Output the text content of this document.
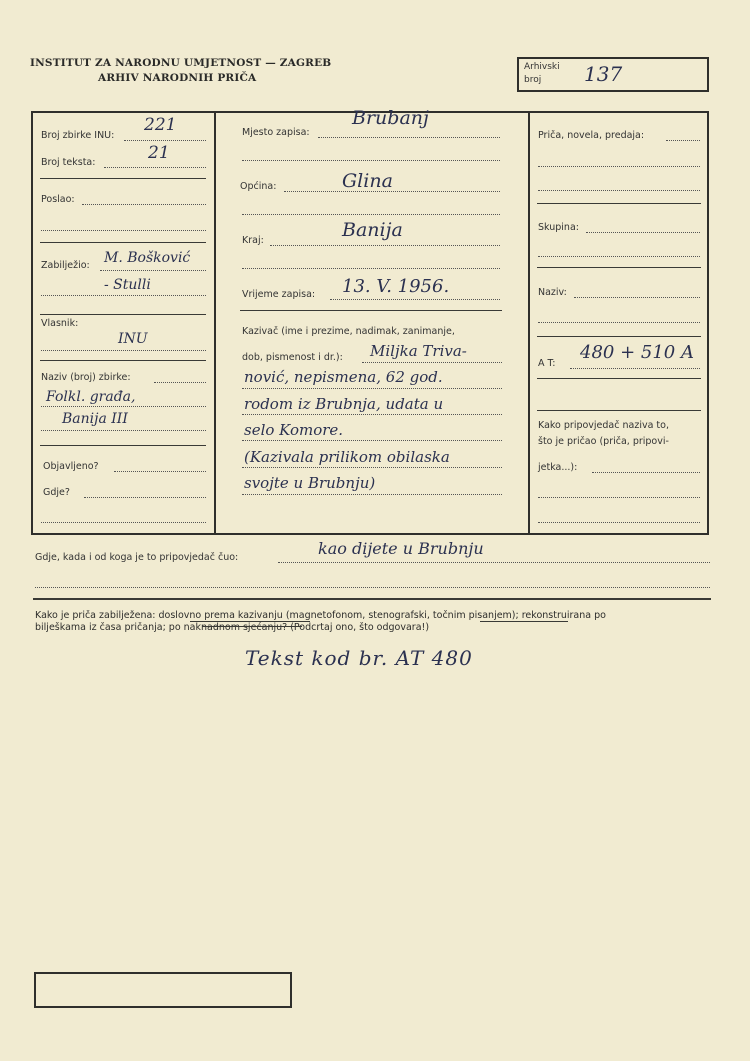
INSTITUT ZA NARODNU UMJETNOST — ZAGREB
ARHIV NARODNIH PRIČA
Arhivski
broj 137
Broj zbirke INU:
221
Broj teksta:	21
Poslao:
Zabilježio: M. Bošković
- Stulli
Vlasnik:
INU
Naziv (broj) zbirke:
Folkl. građa,
Banija III
Objavljeno?
Gdje?
Mjesto zapisa:
Brubanj
Općina:	Glina
Kraj:	Banija
Vrijeme zapisa: 13. V. 1956.
Kazivač (ime i prezime, nadimak, zanimanje,
dob, pismenost i dr.): Miljka Trivа-
nović, nepismena, 62 god.
rodom iz Brubnja, udata u
selo Komore.
(Kazivala prilikom obilaska
svojte u Brubnju)
Priča, novela, predaja:
Skupina:
Naziv:
A T:
480 + 510 A
Kako pripovjedač naziva to,
što je pričao (priča, pripovi-
jetka...):
Gdje, kada i od koga je to pripovjedač čuo:	kao dijete u Brubnju
Kako je priča zabilježena: doslovno prema kazivanju (magnetofonom, stenografski, točnim pisanjem); rekonstruirana po
bilješkama iz časa pričanja; po naknadnom sjećanju? (Podcrtaj ono, što odgovara!)
Tekst kod br. AT 480
